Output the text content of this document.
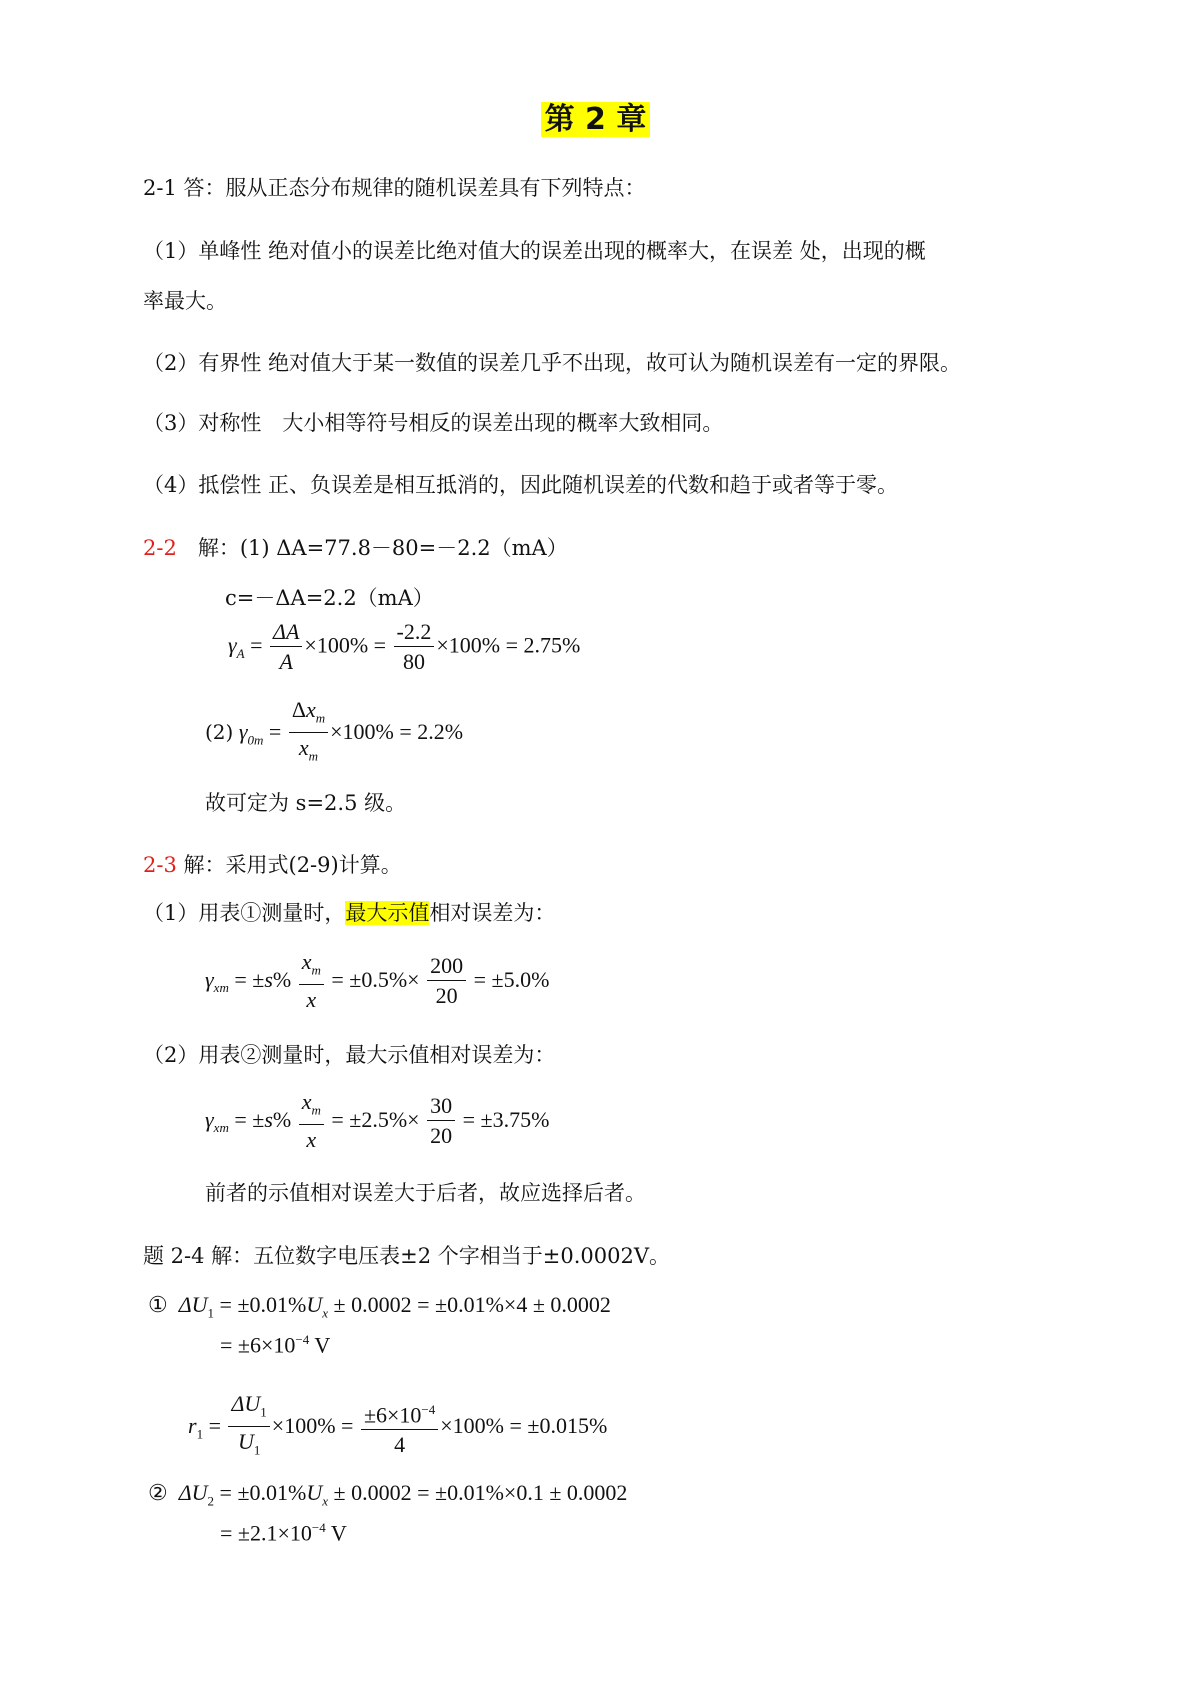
第 2 章
2-1 答：服从正态分布规律的随机误差具有下列特点：
（1）单峰性 绝对值小的误差比绝对值大的误差出现的概率大，在误差 处，出现的概
率最大。
（2）有界性 绝对值大于某一数值的误差几乎不出现，故可认为随机误差有一定的界限。
（3）对称性　大小相等符号相反的误差出现的概率大致相同。
（4）抵偿性 正、负误差是相互抵消的，因此随机误差的代数和趋于或者等于零。
2-2　解：(1) ΔA=77.8－80=－2.2（mA）
c=－ΔA=2.2（mA）
$\gamma_A = \frac{\Delta A}{A} \times 100\% = \frac{-2.2}{80} \times 100\% = 2.75\%$
(2) $\gamma_{0m} = \frac{\Delta x_m}{x_m} \times 100\% = 2.2\%$
故可定为 s=2.5 级。
2-3 解：采用式(2-9)计算。
（1）用表①测量时，最大示值相对误差为：
$\gamma_{xm} = \pm s\% \frac{x_m}{x} = \pm 0.5\%\times \frac{200}{20} = \pm 5.0\%$
（2）用表②测量时，最大示值相对误差为：
$\gamma_{xm} = \pm s\% \frac{x_m}{x} = \pm 2.5\%\times \frac{30}{20} = \pm 3.75\%$
前者的示值相对误差大于后者，故应选择后者。
题 2-4 解：五位数字电压表±2 个字相当于±0.0002V。
① $\Delta U_1 = \pm 0.01\%U_x \pm 0.0002 = \pm 0.01\%\times 4 \pm 0.0002$
= $\pm 6\times 10^{-4}$ V
$r_1 = \frac{\Delta U_1}{U_1} \times 100\% = \frac{\pm 6\times 10^{-4}}{4} \times 100\% = \pm 0.015\%$
② $\Delta U_2 = \pm 0.01\%U_x \pm 0.0002 = \pm 0.01\%\times 0.1 \pm 0.0002$
= $\pm 2.1\times 10^{-4}$ V
